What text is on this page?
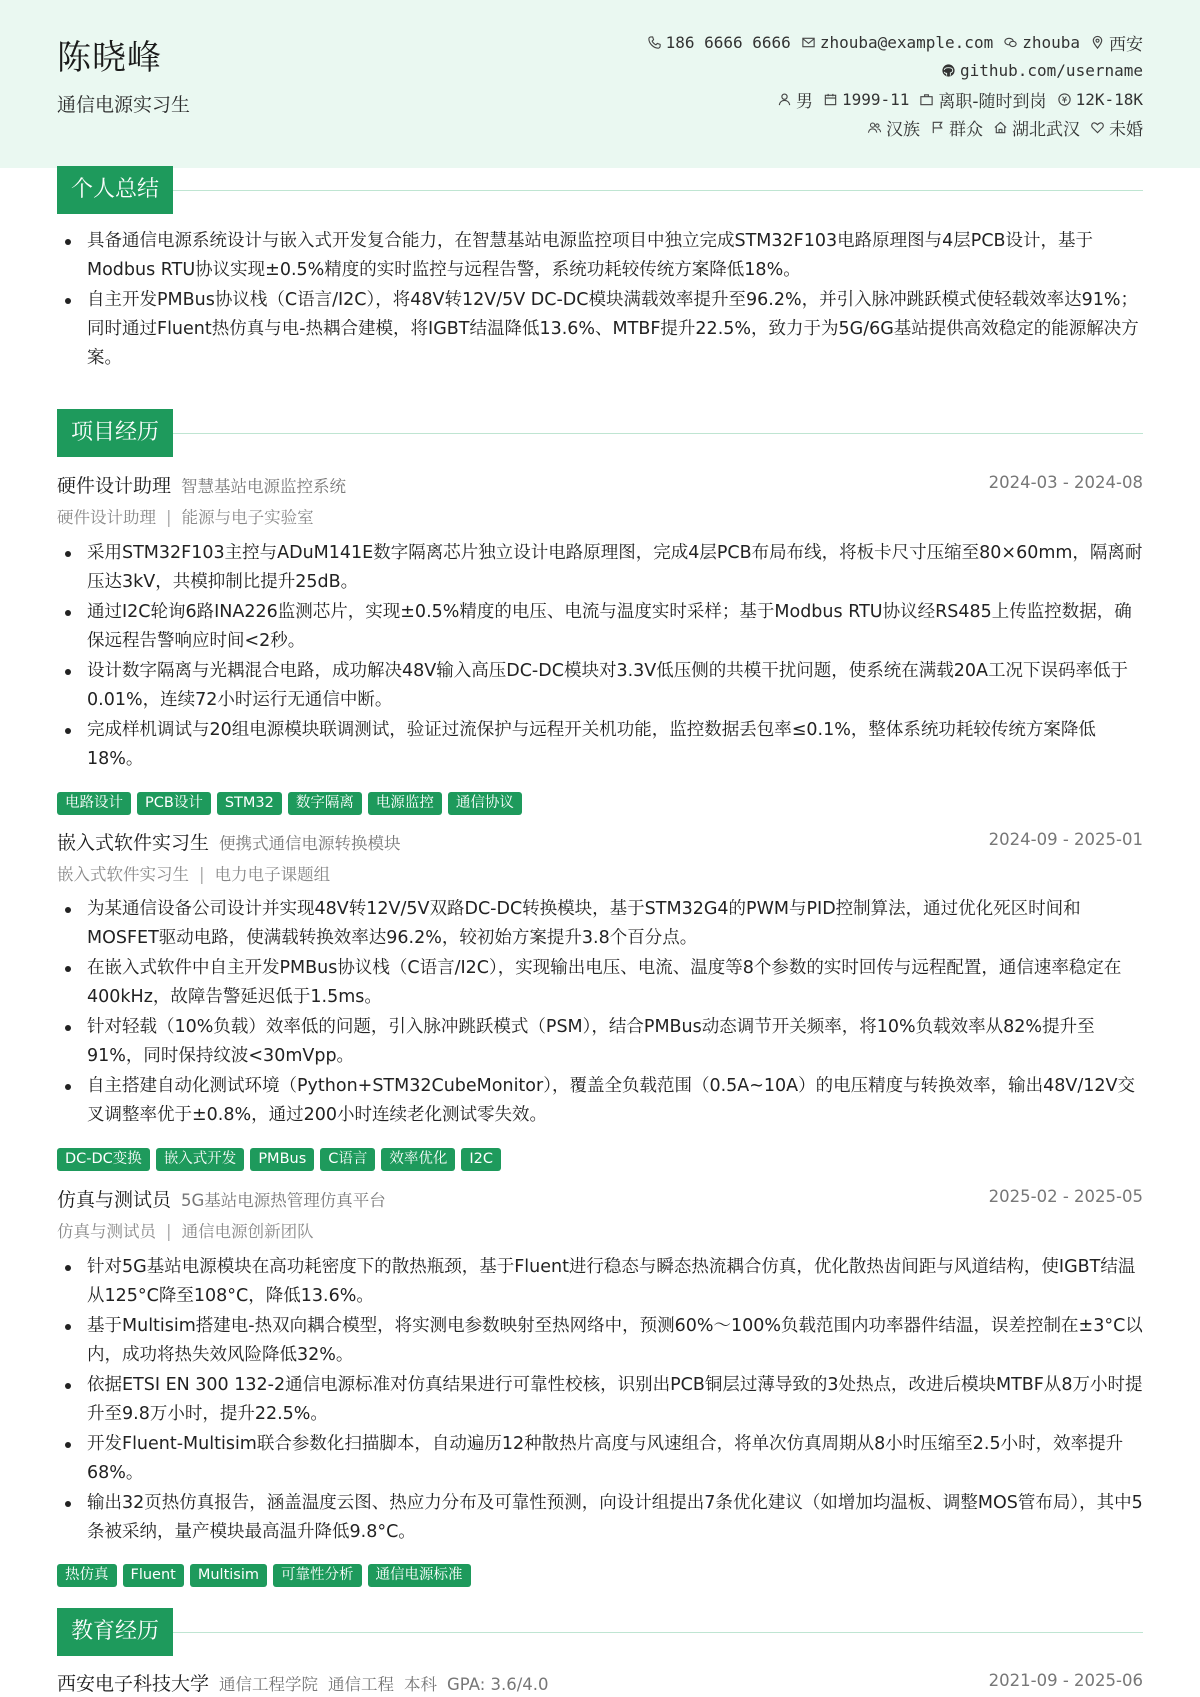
陈晓峰
通信电源实习生
186 6666 6666 zhouba@example.com zhouba 西安
github.com/username
男 1999-11 离职-随时到岗 12K-18K
汉族 群众 湖北武汉 未婚
个人总结
具备通信电源系统设计与嵌入式开发复合能力，在智慧基站电源监控项目中独立完成STM32F103电路原理图与4层PCB设计，基于Modbus RTU协议实现±0.5%精度的实时监控与远程告警，系统功耗较传统方案降低18%。
自主开发PMBus协议栈（C语言/I2C），将48V转12V/5V DC-DC模块满载效率提升至96.2%，并引入脉冲跳跃模式使轻载效率达91%；同时通过Fluent热仿真与电-热耦合建模，将IGBT结温降低13.6%、MTBF提升22.5%，致力于为5G/6G基站提供高效稳定的能源解决方案。
项目经历
硬件设计助理 智慧基站电源监控系统	2024-03 - 2024-08
硬件设计助理 | 能源与电子实验室
采用STM32F103主控与ADuM141E数字隔离芯片独立设计电路原理图，完成4层PCB布局布线，将板卡尺寸压缩至80×60mm，隔离耐压达3kV，共模抑制比提升25dB。
通过I2C轮询6路INA226监测芯片，实现±0.5%精度的电压、电流与温度实时采样；基于Modbus RTU协议经RS485上传监控数据，确保远程告警响应时间<2秒。
设计数字隔离与光耦混合电路，成功解决48V输入高压DC-DC模块对3.3V低压侧的共模干扰问题，使系统在满载20A工况下误码率低于0.01%，连续72小时运行无通信中断。
完成样机调试与20组电源模块联调测试，验证过流保护与远程开关机功能，监控数据丢包率≤0.1%，整体系统功耗较传统方案降低18%。
电路设计	PCB设计	STM32	数字隔离	电源监控	通信协议
嵌入式软件实习生 便携式通信电源转换模块	2024-09 - 2025-01
嵌入式软件实习生 | 电力电子课题组
为某通信设备公司设计并实现48V转12V/5V双路DC-DC转换模块，基于STM32G4的PWM与PID控制算法，通过优化死区时间和MOSFET驱动电路，使满载转换效率达96.2%，较初始方案提升3.8个百分点。
在嵌入式软件中自主开发PMBus协议栈（C语言/I2C），实现输出电压、电流、温度等8个参数的实时回传与远程配置，通信速率稳定在400kHz，故障告警延迟低于1.5ms。
针对轻载（10%负载）效率低的问题，引入脉冲跳跃模式（PSM），结合PMBus动态调节开关频率，将10%负载效率从82%提升至91%，同时保持纹波<30mVpp。
自主搭建自动化测试环境（Python+STM32CubeMonitor），覆盖全负载范围（0.5A~10A）的电压精度与转换效率，输出48V/12V交叉调整率优于±0.8%，通过200小时连续老化测试零失效。
DC-DC变换	嵌入式开发	PMBus	C语言	效率优化	I2C
仿真与测试员 5G基站电源热管理仿真平台	2025-02 - 2025-05
仿真与测试员 | 通信电源创新团队
针对5G基站电源模块在高功耗密度下的散热瓶颈，基于Fluent进行稳态与瞬态热流耦合仿真，优化散热齿间距与风道结构，使IGBT结温从125°C降至108°C，降低13.6%。
基于Multisim搭建电-热双向耦合模型，将实测电参数映射至热网络中，预测60%～100%负载范围内功率器件结温，误差控制在±3°C以内，成功将热失效风险降低32%。
依据ETSI EN 300 132-2通信电源标准对仿真结果进行可靠性校核，识别出PCB铜层过薄导致的3处热点，改进后模块MTBF从8万小时提升至9.8万小时，提升22.5%。
开发Fluent-Multisim联合参数化扫描脚本，自动遍历12种散热片高度与风速组合，将单次仿真周期从8小时压缩至2.5小时，效率提升68%。
输出32页热仿真报告，涵盖温度云图、热应力分布及可靠性预测，向设计组提出7条优化建议（如增加均温板、调整MOS管布局），其中5条被采纳，量产模块最高温升降低9.8°C。
热仿真	Fluent	Multisim	可靠性分析	通信电源标准
教育经历
西安电子科技大学 通信工程学院 通信工程 本科 GPA: 3.6/4.0	2021-09 - 2025-06
